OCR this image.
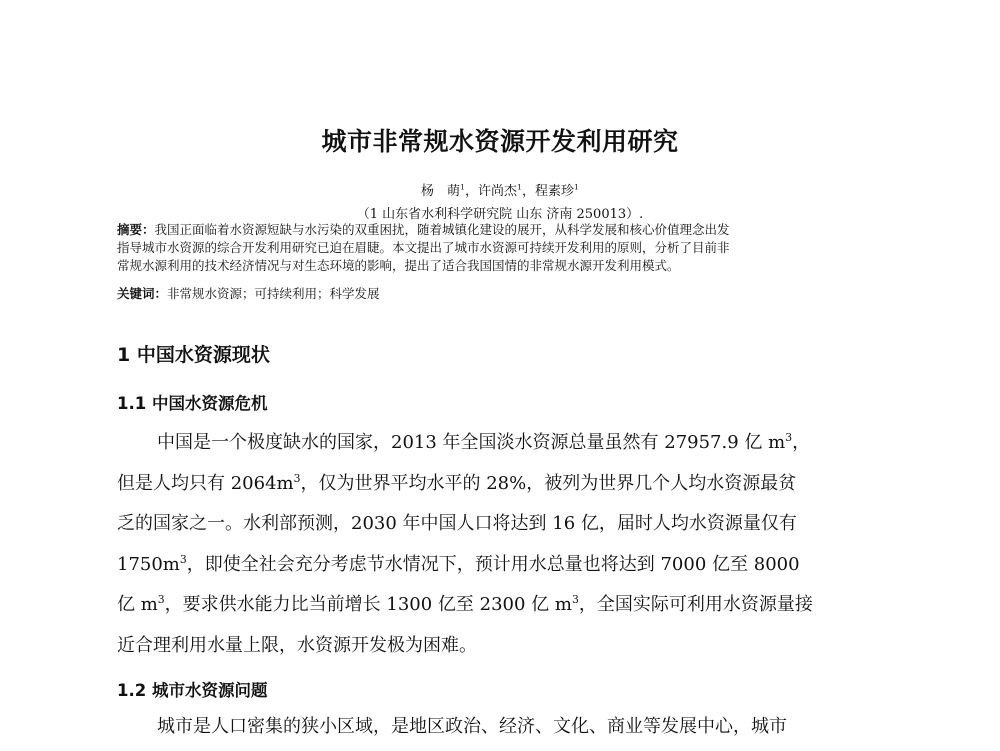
城市非常规水资源开发利用研究
杨　萌$^1$，许尚杰$^1$，程素珍$^1$
（1 山东省水利科学研究院 山东 济南 250013）.
摘要：我国正面临着水资源短缺与水污染的双重困扰，随着城镇化建设的展开，从科学发展和核心价值理念出发
指导城市水资源的综合开发利用研究已迫在眉睫。本文提出了城市水资源可持续开发利用的原则，分析了目前非
常规水源利用的技术经济情况与对生态环境的影响，提出了适合我国国情的非常规水源开发利用模式。
关键词：非常规水资源；可持续利用；科学发展
1 中国水资源现状
1.1 中国水资源危机
中国是一个极度缺水的国家，2013 年全国淡水资源总量虽然有 27957.9 亿 $m^3$，
但是人均只有 $2064m^3$，仅为世界平均水平的 28%，被列为世界几个人均水资源最贫
乏的国家之一。水利部预测，2030 年中国人口将达到 16 亿，届时人均水资源量仅有
$1750m^3$，即使全社会充分考虑节水情况下，预计用水总量也将达到 7000 亿至 8000
亿 $m^3$，要求供水能力比当前增长 1300 亿至 2300 亿 $m^3$，全国实际可利用水资源量接
近合理利用水量上限，水资源开发极为困难。
1.2 城市水资源问题
城市是人口密集的狭小区域，是地区政治、经济、文化、商业等发展中心，城市
